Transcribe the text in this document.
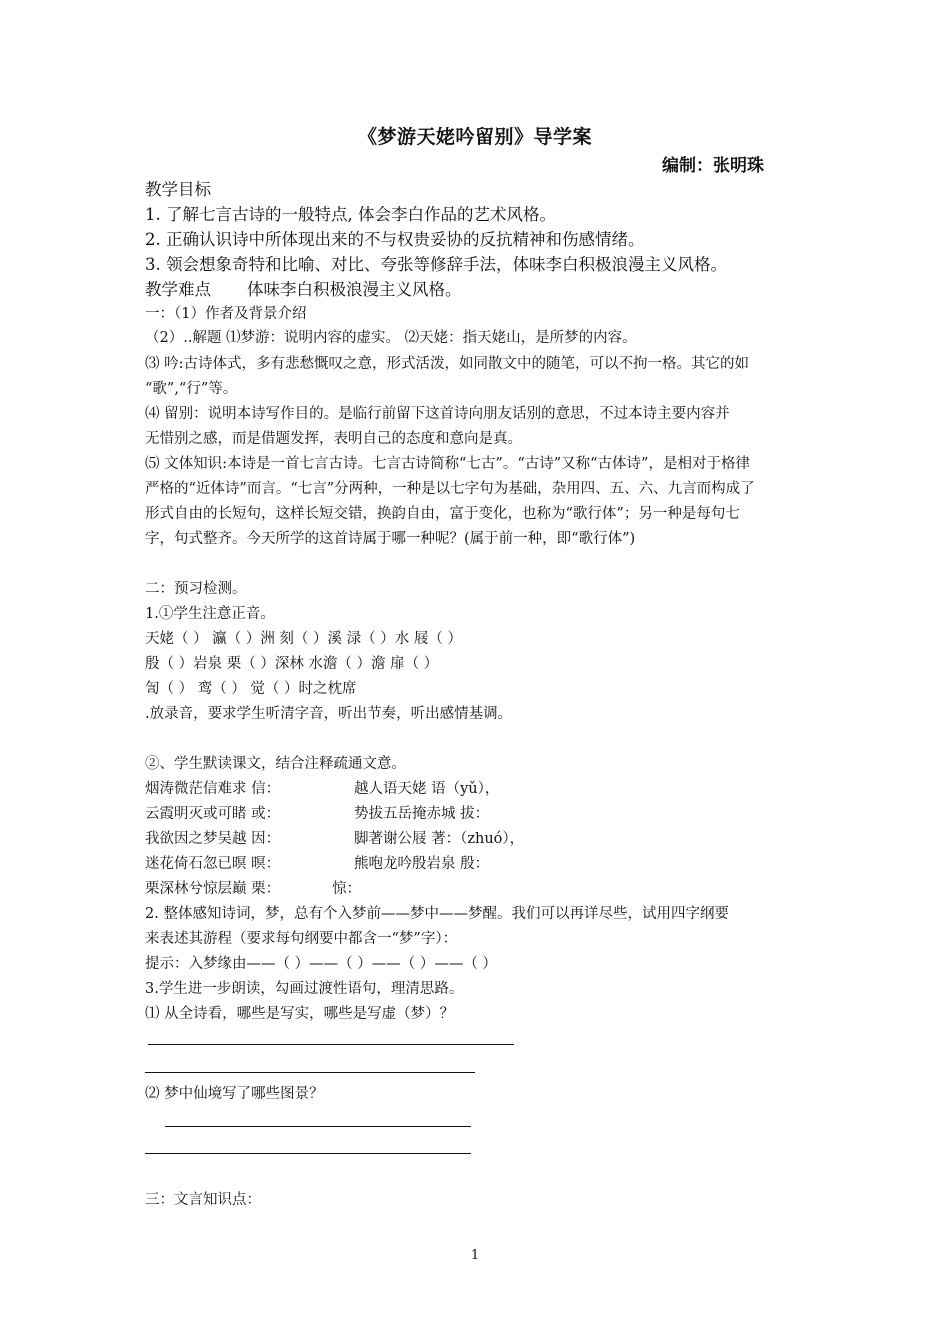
《梦游天姥吟留别》导学案
编制：张明珠
教学目标
1. 了解七言古诗的一般特点, 体会李白作品的艺术风格。
2. 正确认识诗中所体现出来的不与权贵妥协的反抗精神和伤感情绪。
3. 领会想象奇特和比喻、对比、夸张等修辞手法，体味李白积极浪漫主义风格。
教学难点 体味李白积极浪漫主义风格。
一：（1）作者及背景介绍
（2）..解题 ⑴梦游：说明内容的虚实。 ⑵天姥：指天姥山，是所梦的内容。
⑶ 吟:古诗体式，多有悲愁慨叹之意，形式活泼，如同散文中的随笔，可以不拘一格。其它的如
“歌”,“行”等。
⑷ 留别：说明本诗写作目的。是临行前留下这首诗向朋友话别的意思，不过本诗主要内容并
无惜别之感，而是借题发挥，表明自己的态度和意向是真。
⑸ 文体知识:本诗是一首七言古诗。七言古诗简称“七古”。“古诗”又称“古体诗”，是相对于格律
严格的“近体诗”而言。“七言”分两种，一种是以七字句为基础，杂用四、五、六、九言而构成了
形式自由的长短句，这样长短交错，换韵自由，富于变化，也称为“歌行体”；另一种是每句七
字，句式整齐。今天所学的这首诗属于哪一种呢？(属于前一种，即“歌行体”)
二：预习检测。
1.①学生注意正音。
天姥（ ） 瀛（ ）洲 刻（ ）溪 渌（ ）水 屐（ ）
殷（ ）岩泉 栗（ ）深林 水澹（ ）澹 扉（ ）
訇（ ） 鸾（ ） 觉（ ）时之枕席
.放录音，要求学生听清字音，听出节奏，听出感情基调。
②、学生默读课文，结合注释疏通文意。
烟涛微茫信难求 信：	越人语天姥 语（yǔ），
云霞明灭或可睹 或：	势拔五岳掩赤城 拔：
我欲因之梦吴越 因：	脚著谢公屐 著：（zhuó），
迷花倚石忽已暝 暝：	熊咆龙吟殷岩泉 殷：
栗深林兮惊层巅 栗：	惊：
2. 整体感知诗词，梦，总有个入梦前——梦中——梦醒。我们可以再详尽些，试用四字纲要
来表述其游程（要求每句纲要中都含一“梦”字）：
提示：入梦缘由——（ ）——（ ）——（ ）——（ ）
3.学生进一步朗读，勾画过渡性语句，理清思路。
⑴ 从全诗看，哪些是写实，哪些是写虚（梦）？
⑵ 梦中仙境写了哪些图景？
三：文言知识点：
1
